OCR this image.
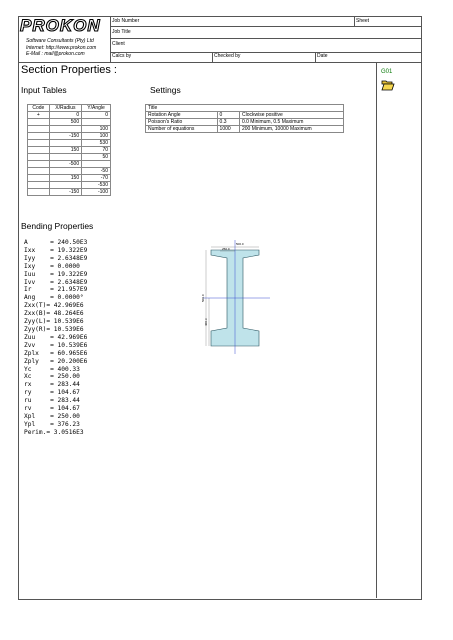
PROKON
Software Consultants (Pty) Ltd
Internet: http://www.prokon.com
E-Mail : mail@prokon.com
Job Number	Sheet
Job Title
Client
Calcs by	Checked by	Date
Section Properties :	G01
Input Tables	Settings
Code	X/Radius	Y/Angle
+	0	0
	500	
		100
	-150	100
		530
	150	70
		50
	-500	
		-50
	150	-70
		-530
	-150	-100
Title		
Rotation Angle	0	Clockwise positive
Poisson's Ratio	0.3	0.0 Minimum, 0.5 Maximum
Number of equations	1000	200 Minimum, 10000 Maximum
Bending Properties
A      = 240.50E3
Ixx    = 19.322E9
Iyy    = 2.6348E9
Ixy    = 0.0000
Iuu    = 19.322E9
Ivv    = 2.6348E9
Ir     = 21.957E9
Ang    = 0.0000°
Zxx(T)= 42.969E6
Zxx(B)= 48.264E6
Zyy(L)= 10.539E6
Zyy(R)= 10.539E6
Zuu    = 42.969E6
Zvv    = 10.539E6
Zplx   = 60.965E6
Zply   = 20.200E6
Yc     = 400.33
Xc     = 250.00
rx     = 283.44
ry     = 104.67
ru     = 283.44
rv     = 104.67
Xpl    = 250.00
Ypl    = 376.23
Perim.= 3.0516E3
500.0
250.0
500.0
400.3
